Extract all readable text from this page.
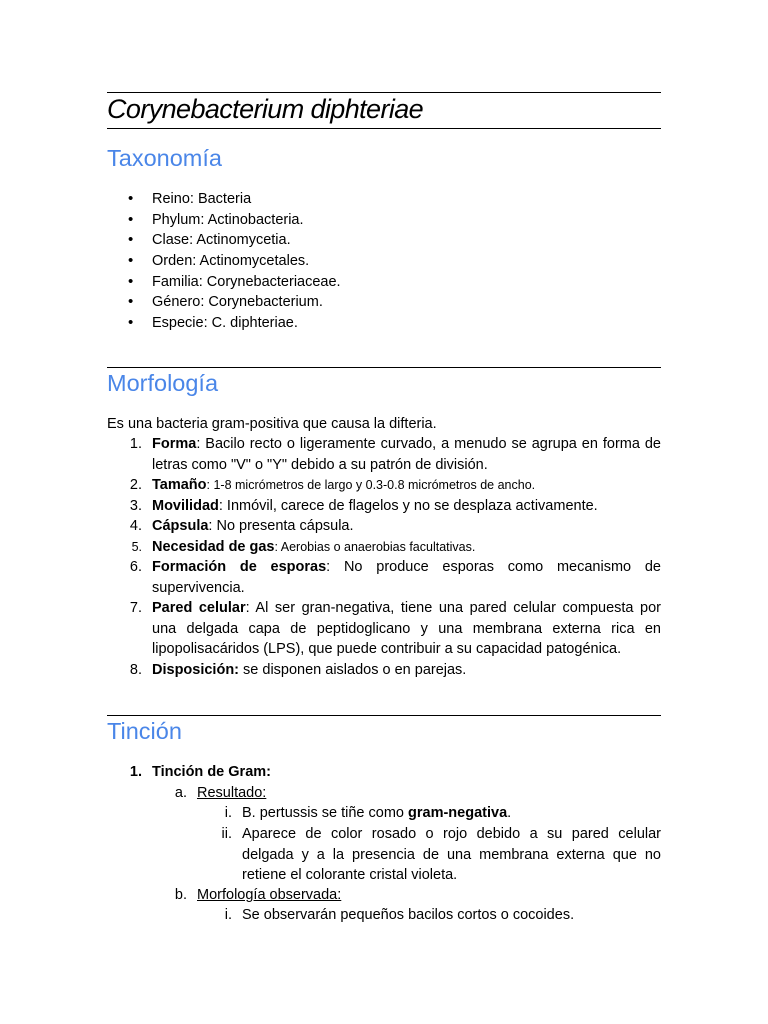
Corynebacterium diphteriae
Taxonomía
• Reino: Bacteria
• Phylum: Actinobacteria.
• Clase: Actinomycetia.
• Orden: Actinomycetales.
• Familia: Corynebacteriaceae.
• Género: Corynebacterium.
• Especie: C. diphteriae.
Morfología
Es una bacteria gram-positiva que causa la difteria.
1. Forma: Bacilo recto o ligeramente curvado, a menudo se agrupa en forma de letras como "V" o "Y" debido a su patrón de división.
2. Tamaño: 1-8 micrómetros de largo y 0.3-0.8 micrómetros de ancho.
3. Movilidad: Inmóvil, carece de flagelos y no se desplaza activamente.
4. Cápsula: No presenta cápsula.
5. Necesidad de gas: Aerobias o anaerobias facultativas.
6. Formación de esporas: No produce esporas como mecanismo de supervivencia.
7. Pared celular: Al ser gran-negativa, tiene una pared celular compuesta por una delgada capa de peptidoglicano y una membrana externa rica en lipopolisacáridos (LPS), que puede contribuir a su capacidad patogénica.
8. Disposición: se disponen aislados o en parejas.
Tinción
1. Tinción de Gram:
a. Resultado:
i. B. pertussis se tiñe como gram-negativa.
ii. Aparece de color rosado o rojo debido a su pared celular delgada y a la presencia de una membrana externa que no retiene el colorante cristal violeta.
b. Morfología observada:
i. Se observarán pequeños bacilos cortos o cocoides.
